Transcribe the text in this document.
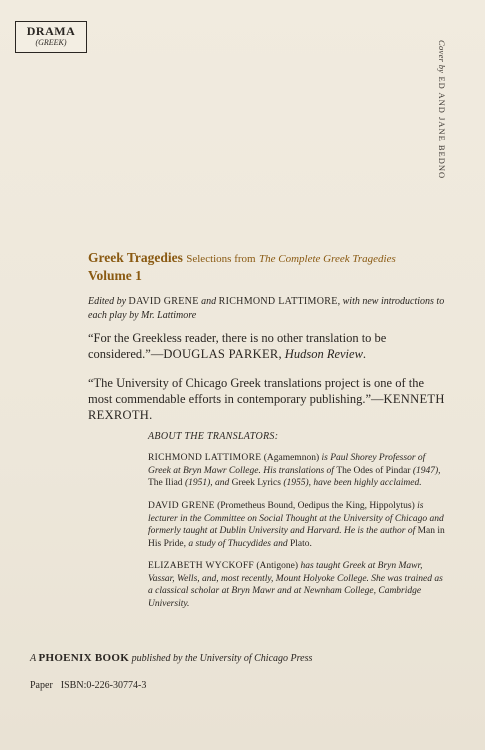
DRAMA
(GREEK)	Cover by ED AND JANE BEDNO
Greek Tragedies Selections from The Complete Greek Tragedies
Volume 1
Edited by DAVID GRENE and RICHMOND LATTIMORE, with new introductions to each play by Mr. Lattimore
“For the Greekless reader, there is no other translation to be considered.”—DOUGLAS PARKER, Hudson Review.
“The University of Chicago Greek translations project is one of the most commendable efforts in contemporary publishing.”—KENNETH REXROTH.
ABOUT THE TRANSLATORS:
RICHMOND LATTIMORE (Agamemnon) is Paul Shorey Professor of Greek at Bryn Mawr College. His translations of The Odes of Pindar (1947), The Iliad (1951), and Greek Lyrics (1955), have been highly acclaimed.
DAVID GRENE (Prometheus Bound, Oedipus the King, Hippolytus) is lecturer in the Committee on Social Thought at the University of Chicago and formerly taught at Dublin University and Harvard. He is the author of Man in His Pride, a study of Thucydides and Plato.
ELIZABETH WYCKOFF (Antigone) has taught Greek at Bryn Mawr, Vassar, Wells, and, most recently, Mount Holyoke College. She was trained as a classical scholar at Bryn Mawr and at Newnham College, Cambridge University.
A PHOENIX BOOK published by the University of Chicago Press
Paper ISBN:0-226-30774-3
